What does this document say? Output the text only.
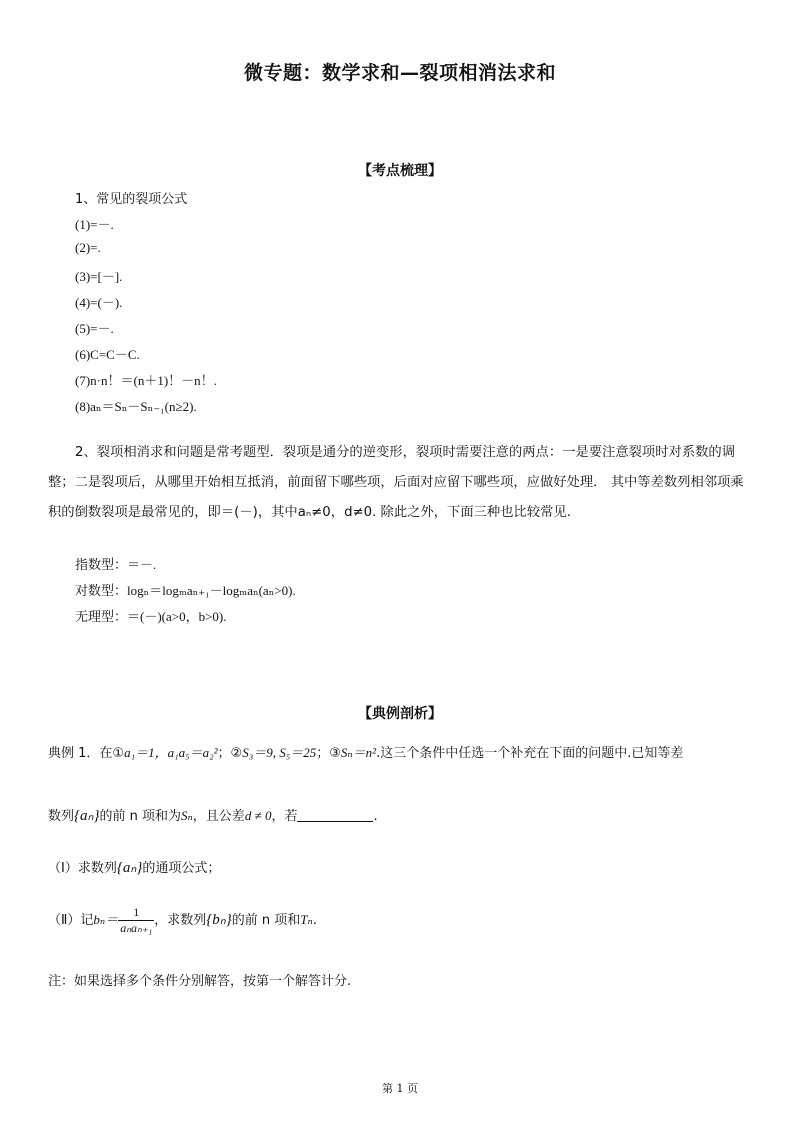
微专题：数学求和—裂项相消法求和
【考点梳理】
1、常见的裂项公式
(1)=－.
(2)=.
(3)=[－].
(4)=(－).
(5)=－.
(6)C=C－C.
(7)n·n！＝(n＋1)！－n！.
(8)aₙ＝Sₙ－Sₙ₋₁(n≥2).
2、裂项相消求和问题是常考题型．裂项是通分的逆变形，裂项时需要注意的两点：一是要注意裂项时对系数的调整；二是裂项后，从哪里开始相互抵消，前面留下哪些项，后面对应留下哪些项，应做好处理． 其中等差数列相邻项乘积的倒数裂项是最常见的，即＝(－)，其中aₙ≠0，d≠0. 除此之外，下面三种也比较常见.
指数型：＝－.
对数型：logₙ＝logₘaₙ₊₁－logₘaₙ(aₙ>0).
无理型：＝(－)(a>0，b>0).
【典例剖析】
典例 1．在①a₁＝1，a₁a₅＝a₂²；②S₃＝9, S₅＝25；③Sₙ＝n².这三个条件中任选一个补充在下面的问题中.已知等差
数列{aₙ}的前 n 项和为Sₙ，且公差d ≠ 0，若	.
（Ⅰ）求数列{aₙ}的通项公式；
（Ⅱ）记$b_n= \frac{1}{\text{aₙaₙ₊₁}}$ ，求数列{bₙ}的前 n 项和Tₙ.
注：如果选择多个条件分别解答，按第一个解答计分.
第 1 页
